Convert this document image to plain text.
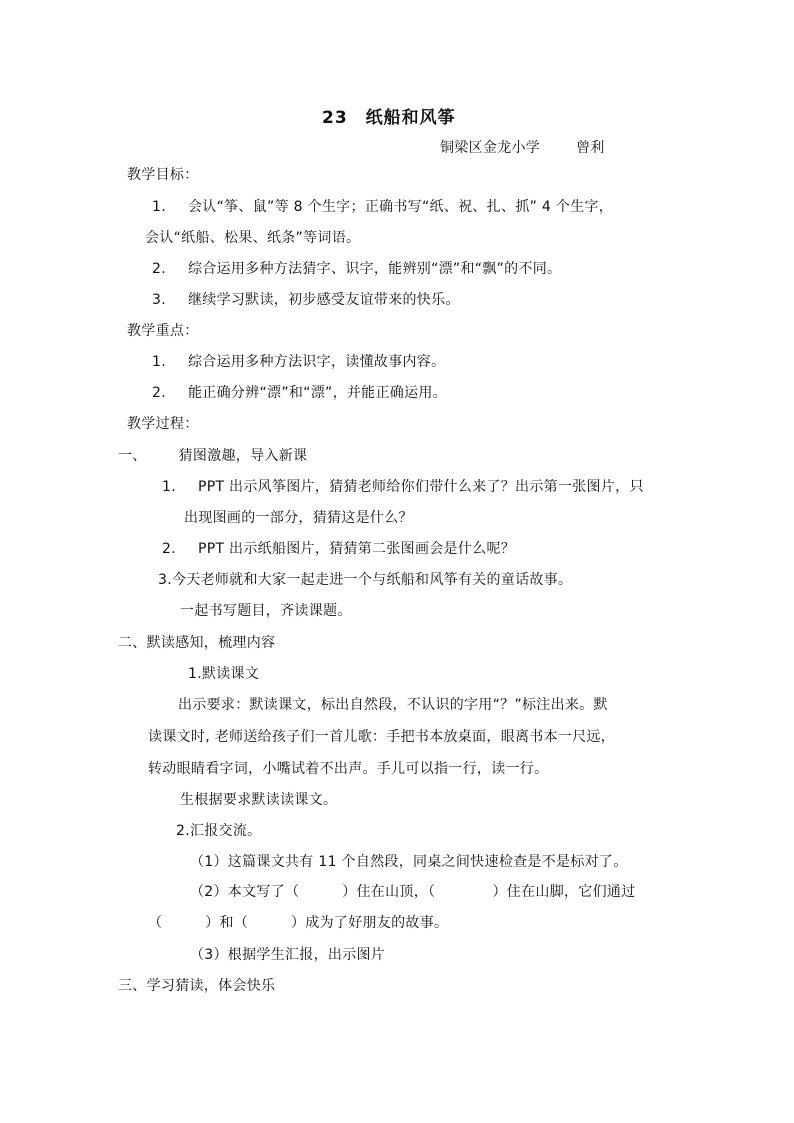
23　纸船和风筝
铜梁区金龙小学	曾利
教学目标：
1. 会认“筝、鼠”等 8 个生字；正确书写“纸、祝、扎、抓” 4 个生字，
会认“纸船、松果、纸条”等词语。
2. 综合运用多种方法猜字、识字，能辨别“漂”和“飘”的不同。
3. 继续学习默读，初步感受友谊带来的快乐。
教学重点：
1. 综合运用多种方法识字，读懂故事内容。
2. 能正确分辨“漂”和“漂”，并能正确运用。
教学过程：
一、 猜图激趣，导入新课
1. PPT 出示风筝图片，猜猜老师给你们带什么来了？出示第一张图片，只
出现图画的一部分，猜猜这是什么？
2. PPT 出示纸船图片，猜猜第二张图画会是什么呢？
3.今天老师就和大家一起走进一个与纸船和风筝有关的童话故事。
一起书写题目，齐读课题。
二、默读感知，梳理内容
1.默读课文
出示要求：默读课文，标出自然段，不认识的字用“？”标注出来。默
读课文时, 老师送给孩子们一首儿歌：手把书本放桌面，眼离书本一尺远，
转动眼睛看字词，小嘴试着不出声。手儿可以指一行，读一行。
生根据要求默读读课文。
2.汇报交流。
（1）这篇课文共有 11 个自然段，同桌之间快速检查是不是标对了。
（2）本文写了（　　　）住在山顶，（　　　　）住在山脚，它们通过
（　　　）和（　　　）成为了好朋友的故事。
（3）根据学生汇报，出示图片
三、学习猜读，体会快乐
